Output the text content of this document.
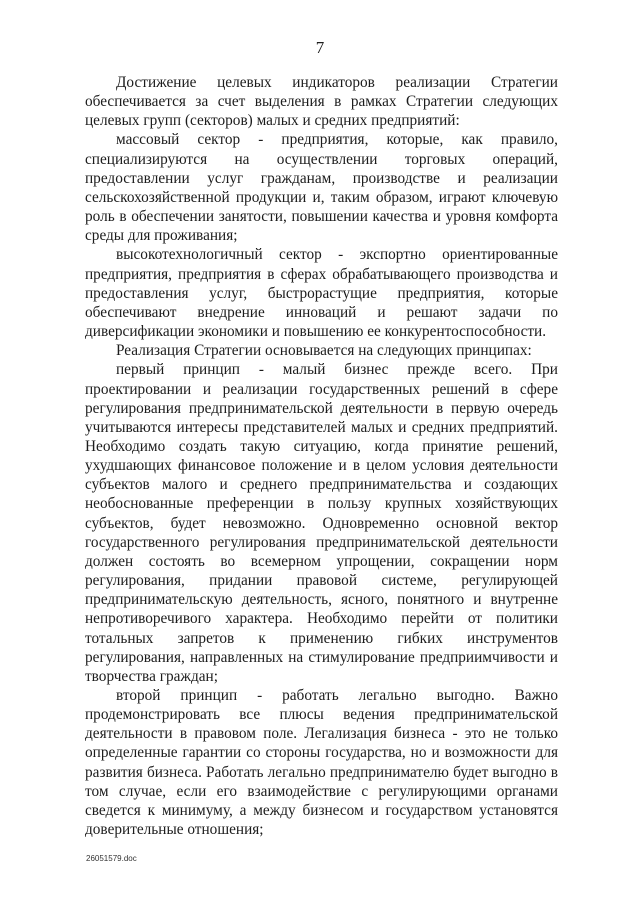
7

Достижение целевых индикаторов реализации Стратегии обеспечивается за счет выделения в рамках Стратегии следующих целевых групп (секторов) малых и средних предприятий:

массовый сектор - предприятия, которые, как правило, специализируются на осуществлении торговых операций, предоставлении услуг гражданам, производстве и реализации сельскохозяйственной продукции и, таким образом, играют ключевую роль в обеспечении занятости, повышении качества и уровня комфорта среды для проживания;

высокотехнологичный сектор - экспортно ориентированные предприятия, предприятия в сферах обрабатывающего производства и предоставления услуг, быстрорастущие предприятия, которые обеспечивают внедрение инноваций и решают задачи по диверсификации экономики и повышению ее конкурентоспособности.

Реализация Стратегии основывается на следующих принципах:

первый принцип - малый бизнес прежде всего. При проектировании и реализации государственных решений в сфере регулирования предпринимательской деятельности в первую очередь учитываются интересы представителей малых и средних предприятий. Необходимо создать такую ситуацию, когда принятие решений, ухудшающих финансовое положение и в целом условия деятельности субъектов малого и среднего предпринимательства и создающих необоснованные преференции в пользу крупных хозяйствующих субъектов, будет невозможно. Одновременно основной вектор государственного регулирования предпринимательской деятельности должен состоять во всемерном упрощении, сокращении норм регулирования, придании правовой системе, регулирующей предпринимательскую деятельность, ясного, понятного и внутренне непротиворечивого характера. Необходимо перейти от политики тотальных запретов к применению гибких инструментов регулирования, направленных на стимулирование предприимчивости и творчества граждан;

второй принцип - работать легально выгодно. Важно продемонстрировать все плюсы ведения предпринимательской деятельности в правовом поле. Легализация бизнеса - это не только определенные гарантии со стороны государства, но и возможности для развития бизнеса. Работать легально предпринимателю будет выгодно в том случае, если его взаимодействие с регулирующими органами сведется к минимуму, а между бизнесом и государством установятся доверительные отношения;

26051579.doc
